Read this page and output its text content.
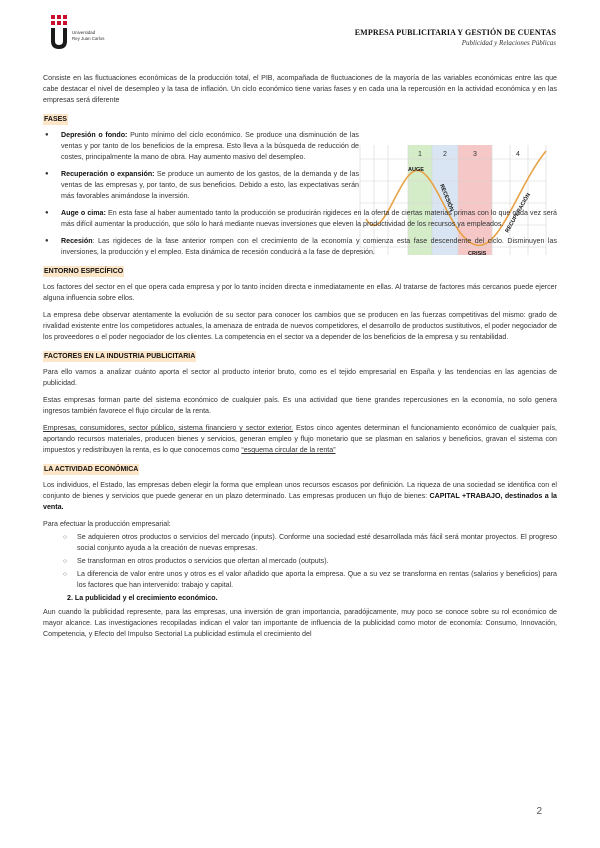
Universidad
Rey Juan Carlos
EMPRESA PUBLICITARIA Y GESTIÓN DE CUENTAS
Publicidad y Relaciones Públicas
1	2	3	4
AUGE
RECESIÓN
CRISIS
RECUPERACIÓN

Consiste en las fluctuaciones económicas de la producción total, el PIB, acompañada de fluctuaciones de la mayoría de las variables económicas entre las que cabe destacar el nivel de desempleo y la tasa de inflación. Un ciclo económico tiene varias fases y en cada una la repercusión en la actividad económica y en las empresas será diferente

FASES
● Depresión o fondo: Punto mínimo del ciclo económico. Se produce una disminución de las ventas y por tanto de los beneficios de la empresa. Esto lleva a la búsqueda de reducción de costes, principalmente la mano de obra. Hay aumento masivo del desempleo.
● Recuperación o expansión: Se produce un aumento de los gastos, de la demanda y de las ventas de las empresas y, por tanto, de sus beneficios. Debido a esto, las expectativas serán más favorables animándose la inversión.
● Auge o cima: En esta fase al haber aumentado tanto la producción se producirán rigideces en la oferta de ciertas materias primas con lo que cada vez será más difícil aumentar la producción, que sólo lo hará mediante nuevas inversiones que eleven la productividad de los recursos ya empleados.
● Recesión: Las rigideces de la fase anterior rompen con el crecimiento de la economía y comienza esta fase descendente del ciclo. Disminuyen las inversiones, la producción y el empleo. Esta dinámica de recesión conducirá a la fase de depresión.
ENTORNO ESPECÍFICO

Los factores del sector en el que opera cada empresa y por lo tanto inciden directa e inmediatamente en ellas. Al tratarse de factores más cercanos puede ejercer alguna influencia sobre ellos.

La empresa debe observar atentamente la evolución de su sector para conocer los cambios que se producen en las fuerzas competitivas del mismo: grado de rivalidad existente entre los competidores actuales, la amenaza de entrada de nuevos competidores, el desarrollo de productos sustitutivos, el poder negociador de los proveedores o el poder negociador de los clientes. La competencia en el sector va a depender de los beneficios de la empresa y su rentabilidad.

FACTORES EN LA INDUSTRIA PUBLICITARIA

Para ello vamos a analizar cuánto aporta el sector al producto interior bruto, como es el tejido empresarial en España y las tendencias en las agencias de publicidad.

Estas empresas forman parte del sistema económico de cualquier país. Es una actividad que tiene grandes repercusiones en la economía, no solo genera ingresos también favorece el flujo circular de la renta.

Empresas, consumidores, sector público, sistema financiero y sector exterior. Estos cinco agentes determinan el funcionamiento económico de cualquier país, aportando recursos materiales, producen bienes y servicios, generan empleo y flujo monetario que se plasman en salarios y beneficios, gravan el sistema con impuestos y redistribuyen la renta, es lo que conocemos como “esquema circular de la renta”

LA ACTIVIDAD ECONÓMICA

Los individuos, el Estado, las empresas deben elegir la forma que emplean unos recursos escasos por definición. La riqueza de una sociedad se identifica con el conjunto de bienes y servicios que puede generar en un plazo determinado. Las empresas producen un flujo de bienes: CAPITAL +TRABAJO, destinados a la venta.

Para efectuar la producción empresarial:

○ Se adquieren otros productos o servicios del mercado (inputs). Conforme una sociedad esté desarrollada más fácil será montar proyectos. El progreso social conjunto ayuda a la creación de nuevas empresas.
○ Se transforman en otros productos o servicios que ofertan al mercado (outputs).
○ La diferencia de valor entre unos y otros es el valor añadido que aporta la empresa. Que a su vez se transforma en rentas (salarios y beneficios) para los factores que han intervenido: trabajo y capital.
2. La publicidad y el crecimiento económico.

Aun cuando la publicidad represente, para las empresas, una inversión de gran importancia, paradójicamente, muy poco se conoce sobre su rol económico de mayor alcance. Las investigaciones recopiladas indican el valor tan importante de influencia de la publicidad como motor de economía: Consumo, Innovación, Competencia, y Efecto del Impulso Sectorial La publicidad estimula el crecimiento del

2
